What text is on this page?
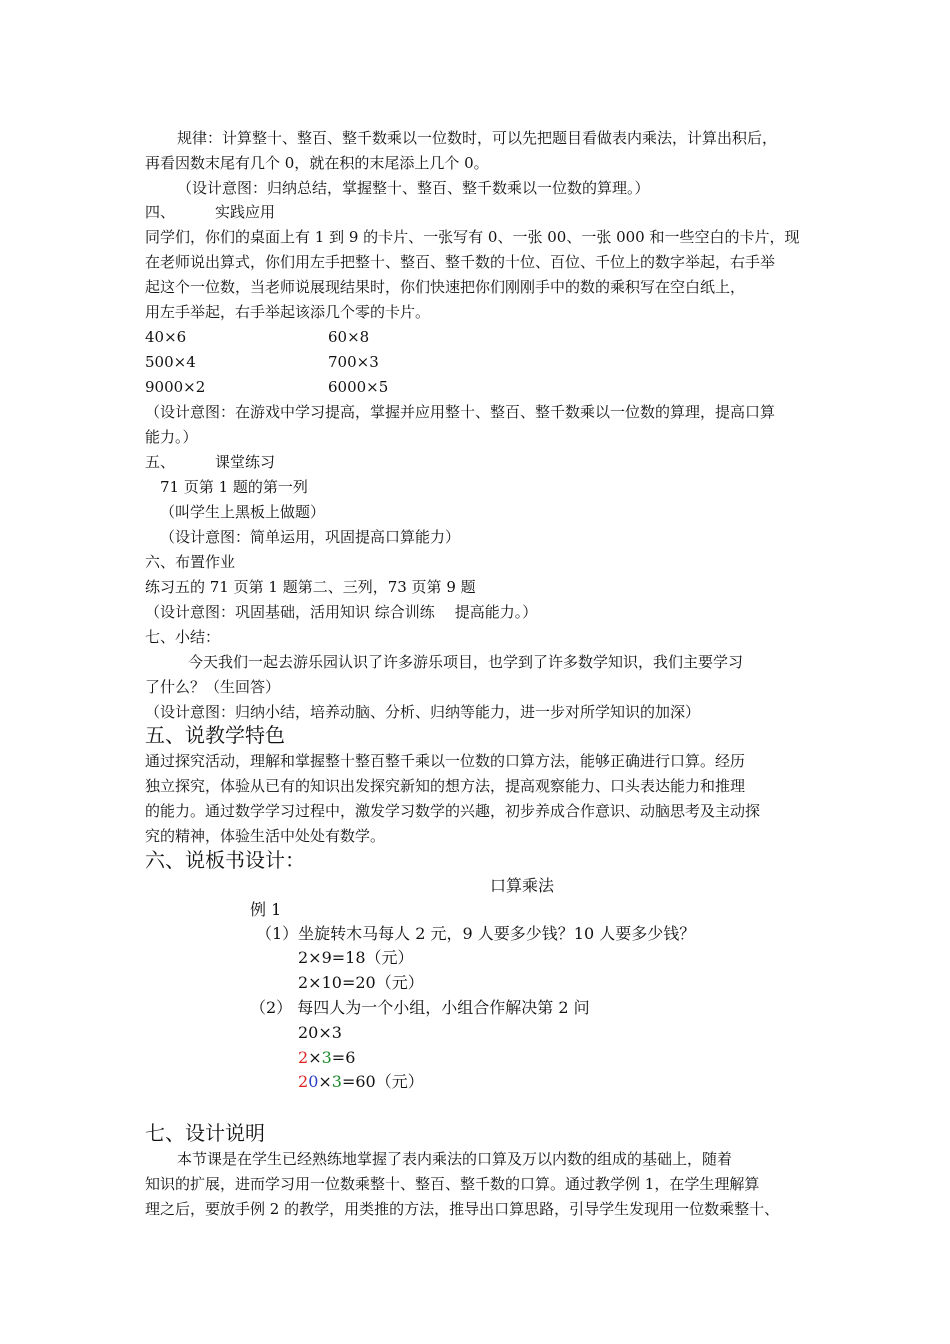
规律：计算整十、整百、整千数乘以一位数时，可以先把题目看做表内乘法，计算出积后，
再看因数末尾有几个 0，就在积的末尾添上几个 0。
（设计意图：归纳总结，掌握整十、整百、整千数乘以一位数的算理。）
四、	实践应用
同学们，你们的桌面上有 1 到 9 的卡片、一张写有 0、一张 00、一张 000 和一些空白的卡片，现
在老师说出算式，你们用左手把整十、整百、整千数的十位、百位、千位上的数字举起，右手举
起这个一位数，当老师说展现结果时，你们快速把你们刚刚手中的数的乘积写在空白纸上，
用左手举起，右手举起该添几个零的卡片。
40×6	60×8
500×4	700×3
9000×2	6000×5
（设计意图：在游戏中学习提高，掌握并应用整十、整百、整千数乘以一位数的算理，提高口算
能力。）
五、	课堂练习
71 页第 1 题的第一列
（叫学生上黑板上做题）
（设计意图：简单运用，巩固提高口算能力）
六、布置作业
练习五的 71 页第 1 题第二、三列，73 页第 9 题
（设计意图：巩固基础，活用知识 综合训练 提高能力。）
七、小结：
今天我们一起去游乐园认识了许多游乐项目，也学到了许多数学知识，我们主要学习
了什么？（生回答）
（设计意图：归纳小结，培养动脑、分析、归纳等能力，进一步对所学知识的加深）
五、说教学特色
通过探究活动，理解和掌握整十整百整千乘以一位数的口算方法，能够正确进行口算。经历
独立探究，体验从已有的知识出发探究新知的想方法，提高观察能力、口头表达能力和推理
的能力。通过数学学习过程中，激发学习数学的兴趣，初步养成合作意识、动脑思考及主动探
究的精神，体验生活中处处有数学。
六、说板书设计：
口算乘法
例 1
（1）坐旋转木马每人 2 元，9 人要多少钱？10 人要多少钱？
2×9=18（元）
2×10=20（元）
（2） 每四人为一个小组，小组合作解决第 2 问
20×3
2×3=6
20×3=60（元）
七、设计说明
本节课是在学生已经熟练地掌握了表内乘法的口算及万以内数的组成的基础上，随着
知识的扩展，进而学习用一位数乘整十、整百、整千数的口算。通过教学例 1，在学生理解算
理之后，要放手例 2 的教学，用类推的方法，推导出口算思路，引导学生发现用一位数乘整十、
